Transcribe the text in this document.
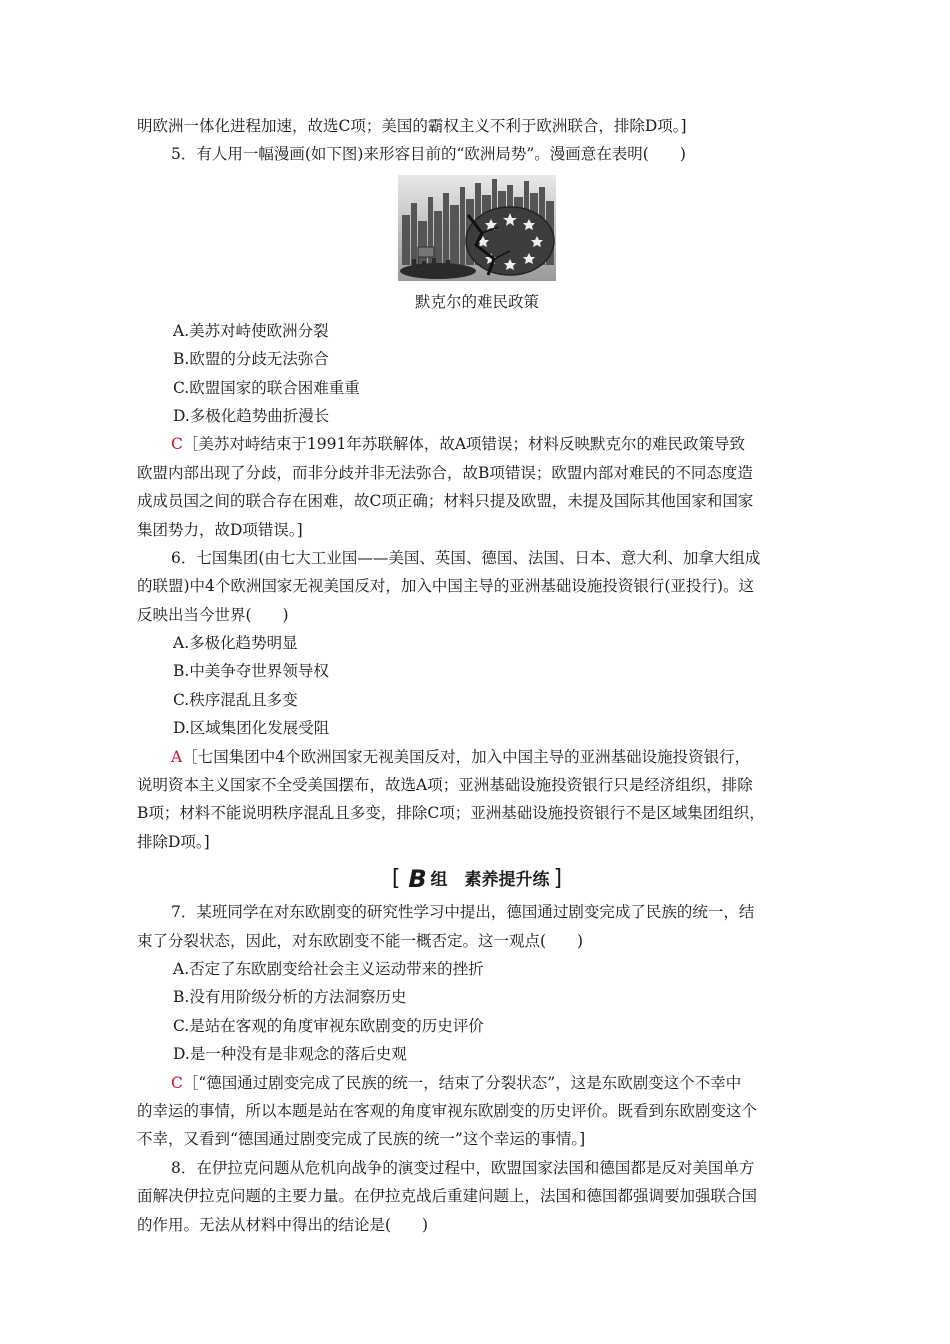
明欧洲一体化进程加速，故选C项；美国的霸权主义不利于欧洲联合，排除D项。]
5．有人用一幅漫画(如下图)来形容目前的“欧洲局势”。漫画意在表明(　　)
默克尔的难民政策
A.美苏对峙使欧洲分裂
B.欧盟的分歧无法弥合
C.欧盟国家的联合困难重重
D.多极化趋势曲折漫长
C［美苏对峙结束于1991年苏联解体，故A项错误；材料反映默克尔的难民政策导致
欧盟内部出现了分歧，而非分歧并非无法弥合，故B项错误；欧盟内部对难民的不同态度造
成成员国之间的联合存在困难，故C项正确；材料只提及欧盟，未提及国际其他国家和国家
集团势力，故D项错误。]
6．七国集团(由七大工业国——美国、英国、德国、法国、日本、意大利、加拿大组成
的联盟)中4个欧洲国家无视美国反对，加入中国主导的亚洲基础设施投资银行(亚投行)。这
反映出当今世界(　　)
A.多极化趋势明显
B.中美争夺世界领导权
C.秩序混乱且多变
D.区域集团化发展受阻
A［七国集团中4个欧洲国家无视美国反对，加入中国主导的亚洲基础设施投资银行，
说明资本主义国家不全受美国摆布，故选A项；亚洲基础设施投资银行只是经济组织，排除
B项；材料不能说明秩序混乱且多变，排除C项；亚洲基础设施投资银行不是区域集团组织，
排除D项。]
[ B 组　素养提升练 ]
7．某班同学在对东欧剧变的研究性学习中提出，德国通过剧变完成了民族的统一，结
束了分裂状态，因此，对东欧剧变不能一概否定。这一观点(　　)
A.否定了东欧剧变给社会主义运动带来的挫折
B.没有用阶级分析的方法洞察历史
C.是站在客观的角度审视东欧剧变的历史评价
D.是一种没有是非观念的落后史观
C［“德国通过剧变完成了民族的统一，结束了分裂状态”，这是东欧剧变这个不幸中
的幸运的事情，所以本题是站在客观的角度审视东欧剧变的历史评价。既看到东欧剧变这个
不幸，又看到“德国通过剧变完成了民族的统一”这个幸运的事情。]
8．在伊拉克问题从危机向战争的演变过程中，欧盟国家法国和德国都是反对美国单方
面解决伊拉克问题的主要力量。在伊拉克战后重建问题上，法国和德国都强调要加强联合国
的作用。无法从材料中得出的结论是(　　)
